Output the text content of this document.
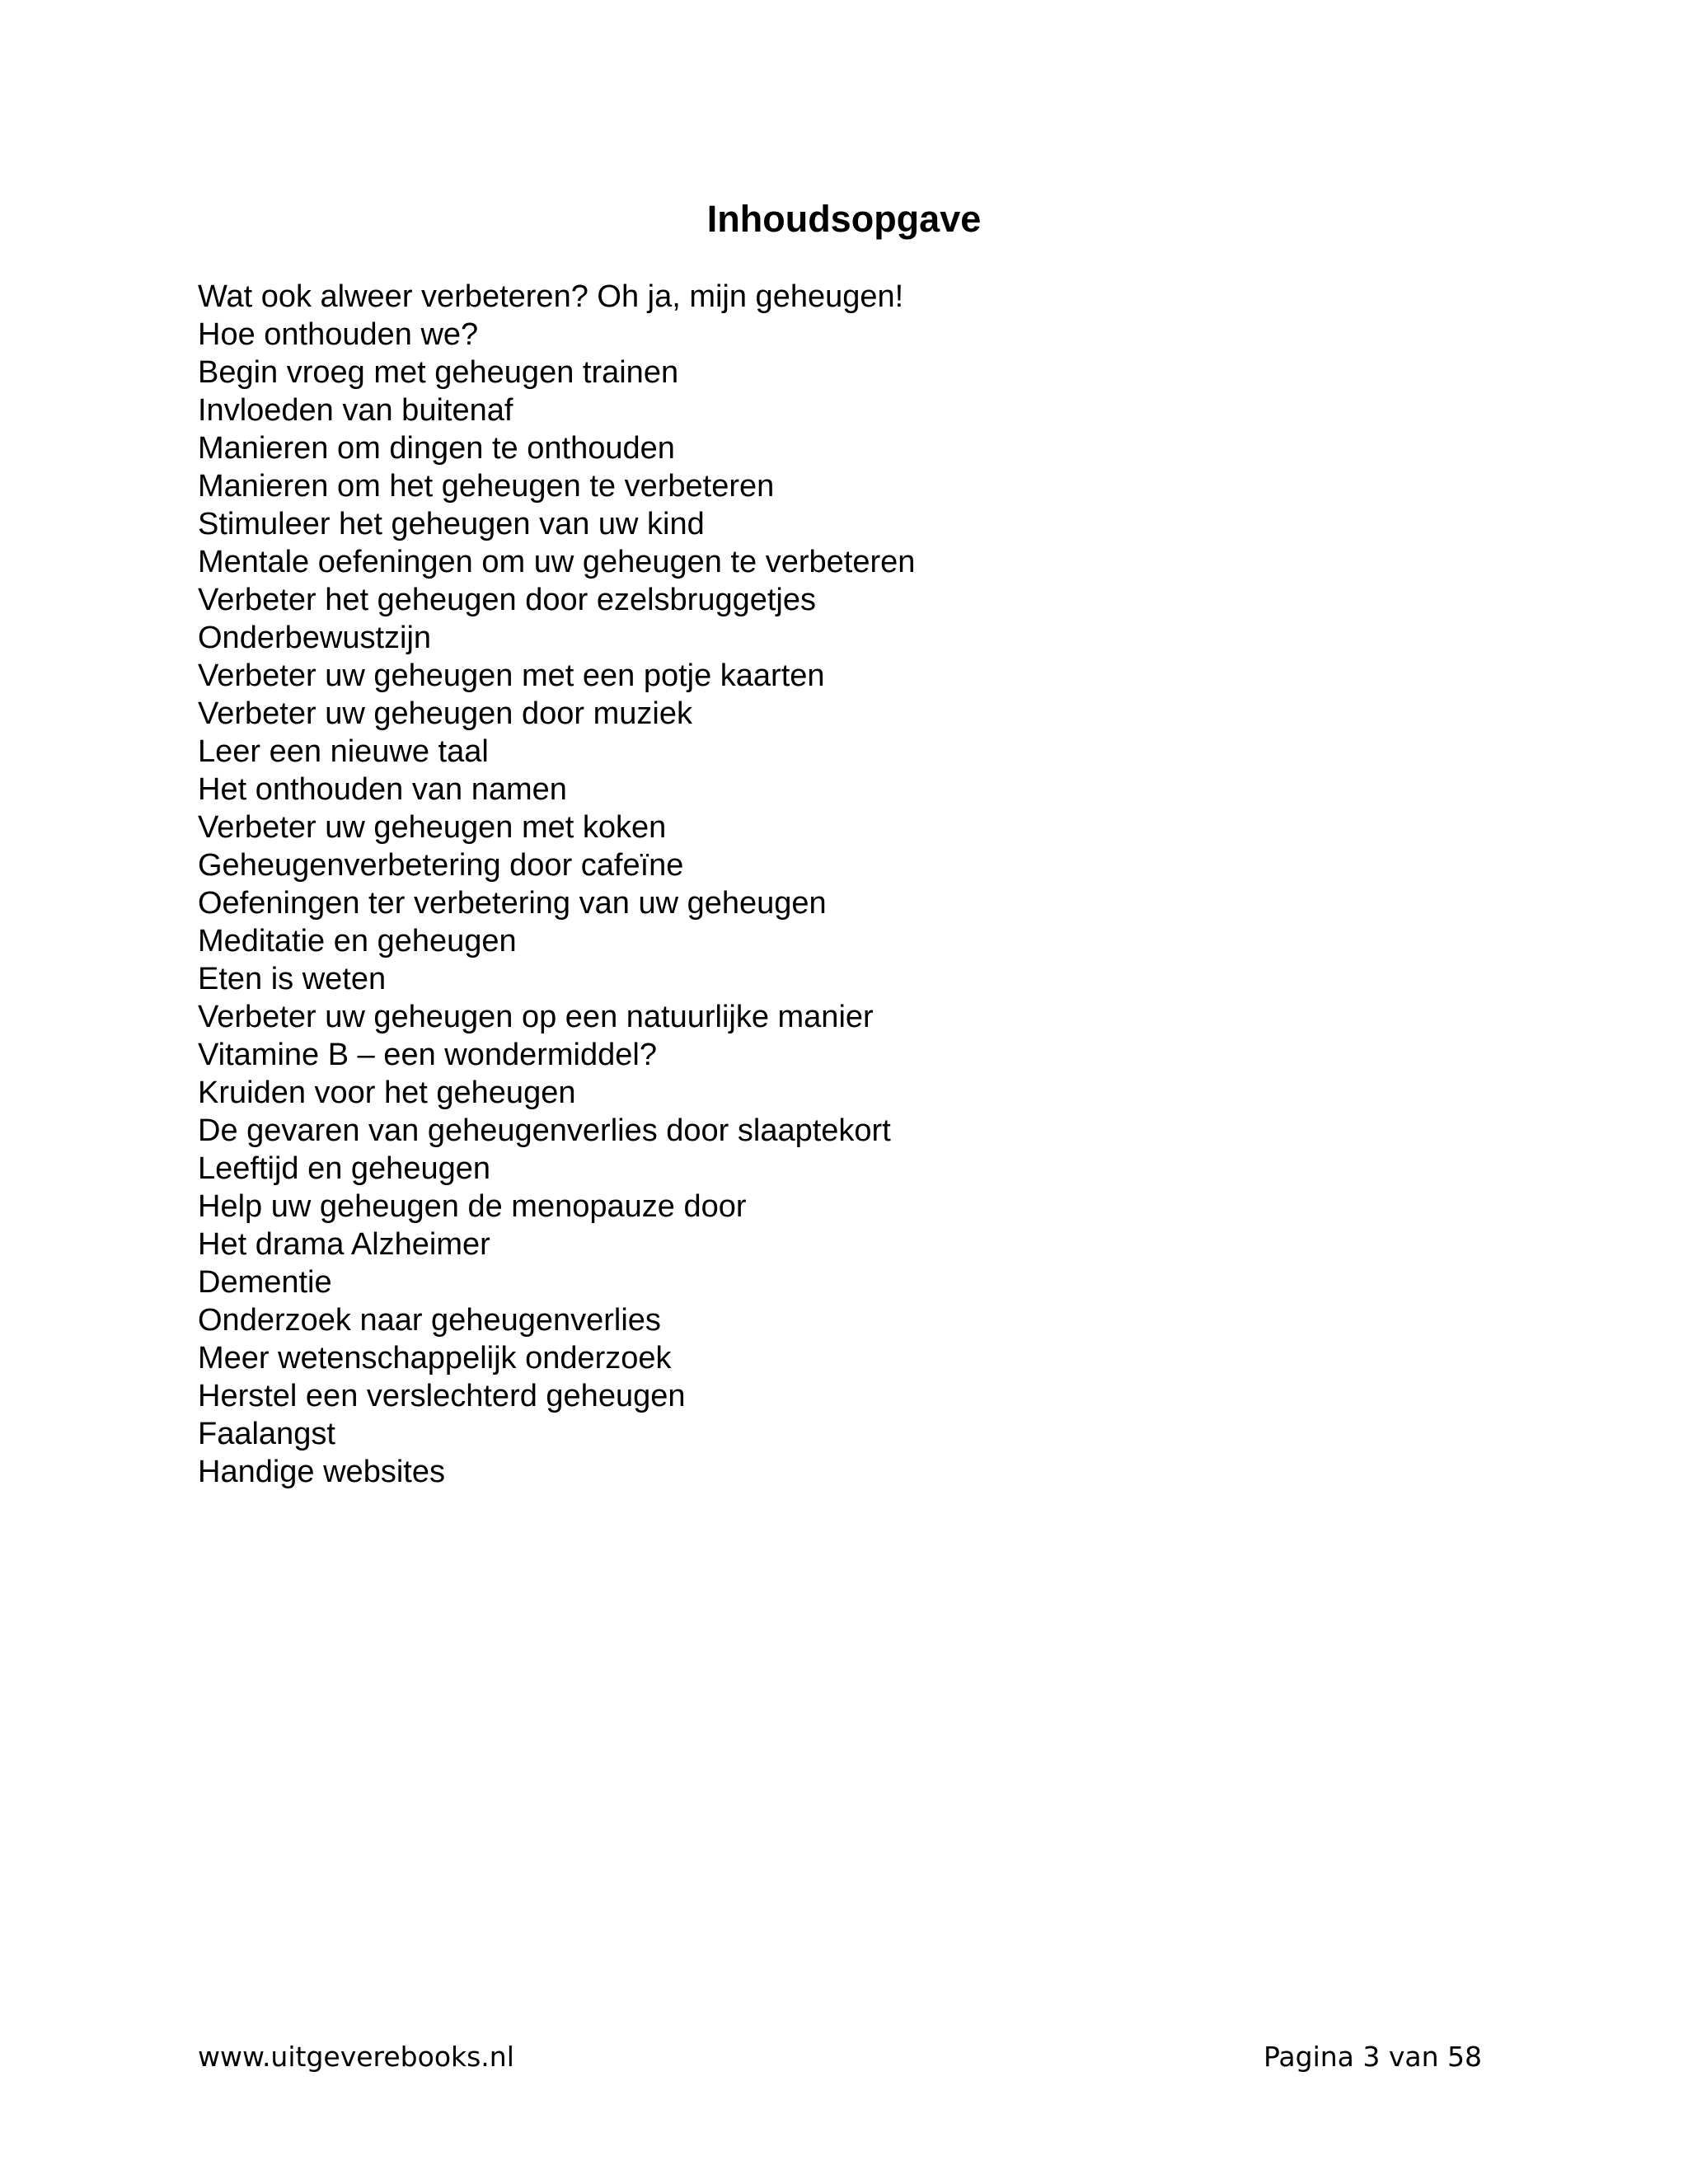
Inhoudsopgave
Wat ook alweer verbeteren? Oh ja, mijn geheugen!
Hoe onthouden we?
Begin vroeg met geheugen trainen
Invloeden van buitenaf
Manieren om dingen te onthouden
Manieren om het geheugen te verbeteren
Stimuleer het geheugen van uw kind
Mentale oefeningen om uw geheugen te verbeteren
Verbeter het geheugen door ezelsbruggetjes
Onderbewustzijn
Verbeter uw geheugen met een potje kaarten
Verbeter uw geheugen door muziek
Leer een nieuwe taal
Het onthouden van namen
Verbeter uw geheugen met koken
Geheugenverbetering door cafeïne
Oefeningen ter verbetering van uw geheugen
Meditatie en geheugen
Eten is weten
Verbeter uw geheugen op een natuurlijke manier
Vitamine B – een wondermiddel?
Kruiden voor het geheugen
De gevaren van geheugenverlies door slaaptekort
Leeftijd en geheugen
Help uw geheugen de menopauze door
Het drama Alzheimer
Dementie
Onderzoek naar geheugenverlies
Meer wetenschappelijk onderzoek
Herstel een verslechterd geheugen
Faalangst
Handige websites
www.uitgeverebooks.nl	Pagina 3 van 58
